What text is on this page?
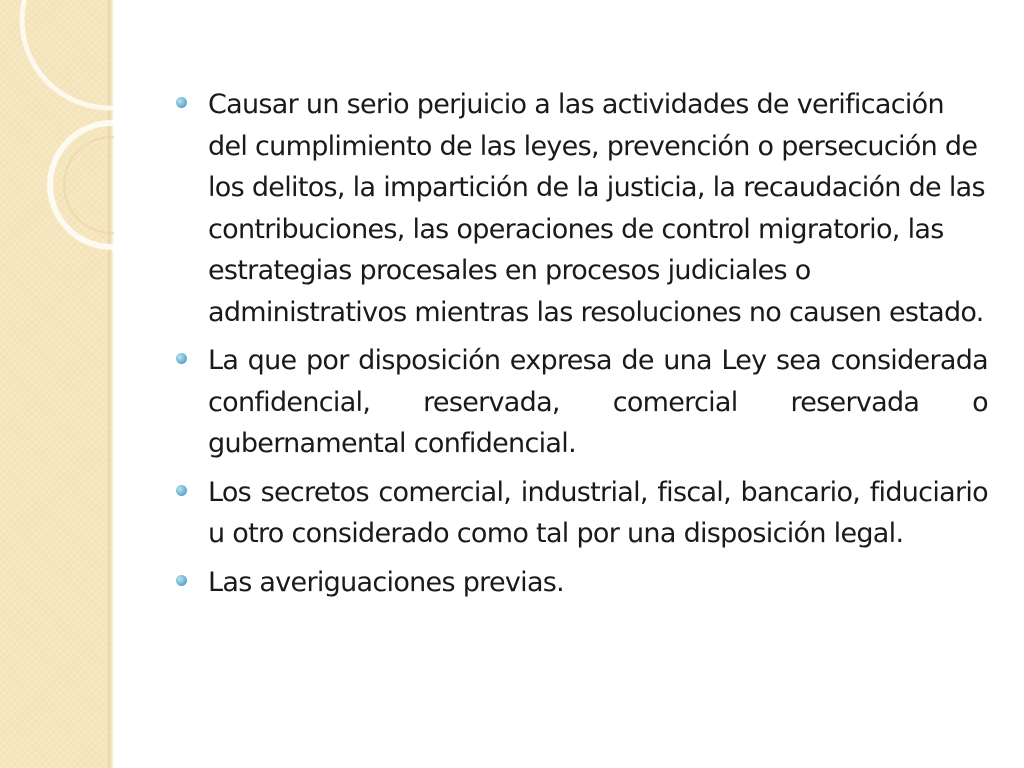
Causar un serio perjuicio a las actividades de verificación del cumplimiento de las leyes, prevención o persecución de los delitos, la impartición de la justicia, la recaudación de las contribuciones, las operaciones de control migratorio, las estrategias procesales en procesos judiciales o administrativos mientras las resoluciones no causen estado.
La que por disposición expresa de una Ley sea considerada confidencial, reservada, comercial reservada o gubernamental confidencial.
Los secretos comercial, industrial, fiscal, bancario, fiduciario u otro considerado como tal por una disposición legal.
Las averiguaciones previas.
